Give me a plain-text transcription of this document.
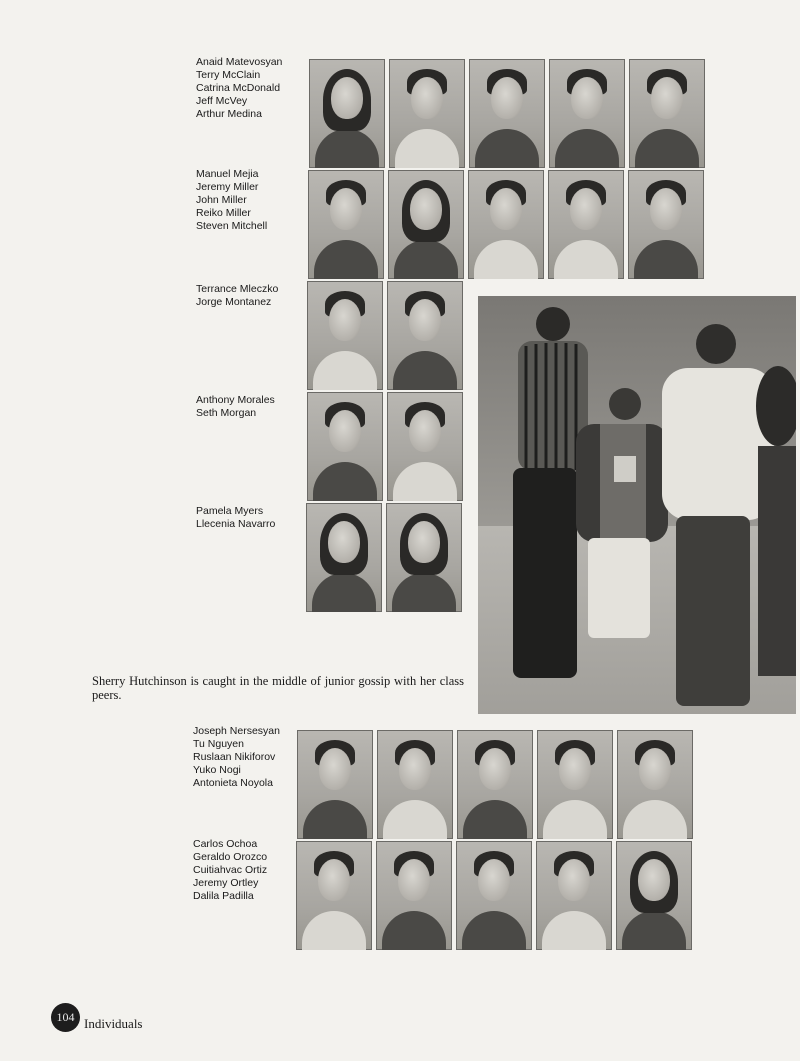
Anaid Matevosyan
Terry McClain
Catrina McDonald
Jeff McVey
Arthur Medina
Manuel Mejia
Jeremy Miller
John Miller
Reiko Miller
Steven Mitchell
Terrance Mleczko
Jorge Montanez
Anthony Morales
Seth Morgan
Pamela Myers
Llecenia Navarro

Sherry Hutchinson is caught in the middle of junior gossip with her class peers.

Joseph Nersesyan
Tu Nguyen
Ruslaan Nikiforov
Yuko Nogi
Antonieta Noyola
Carlos Ochoa
Geraldo Orozco
Cuitiahvac Ortiz
Jeremy Ortley
Dalila Padilla
104 Individuals
